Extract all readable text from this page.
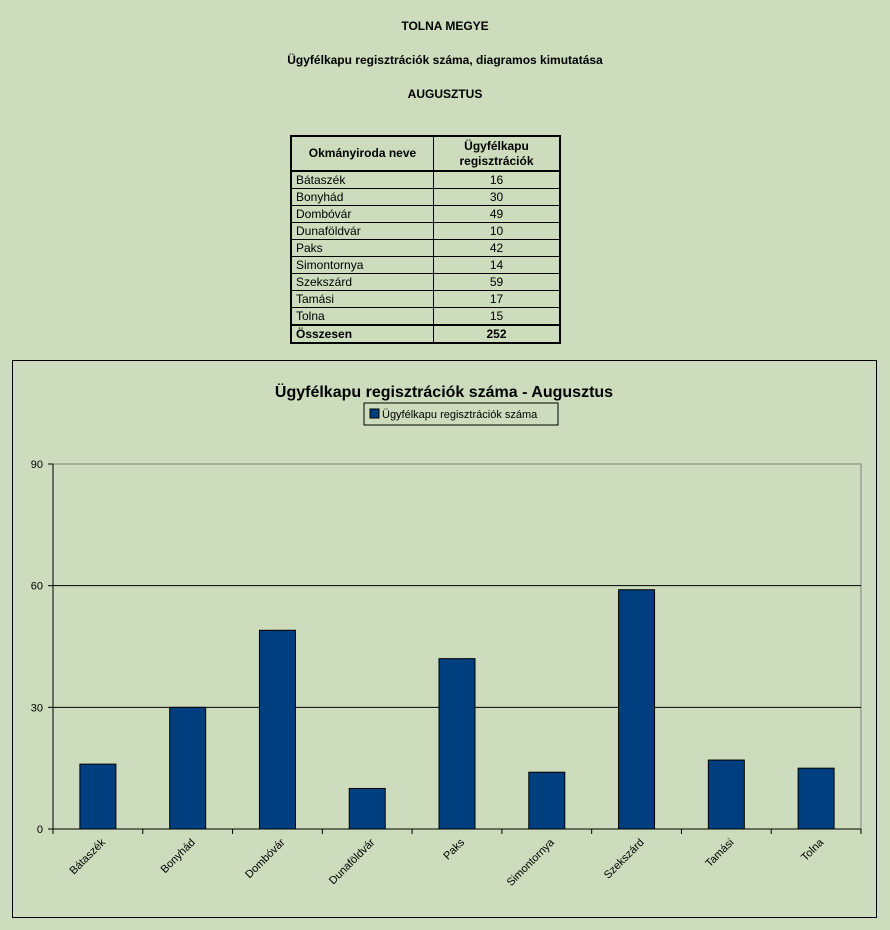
TOLNA MEGYE
Ügyfélkapu regisztrációk száma, diagramos kimutatása
AUGUSZTUS
Okmányiroda neve	Ügyfélkapu
regisztrációk
Bátaszék	16
Bonyhád	30
Dombóvár	49
Dunaföldvár	10
Paks	42
Simontornya	14
Szekszárd	59
Tamási	17
Tolna	15
Összesen	252
Ügyfélkapu regisztrációk száma - Augusztus
Ügyfélkapu regisztrációk száma
0
30
60
90
Bátaszék	Bonyhád	Dombóvár	Dunaföldvár	Paks	Simontornya	Szekszárd	Tamási	Tolna
